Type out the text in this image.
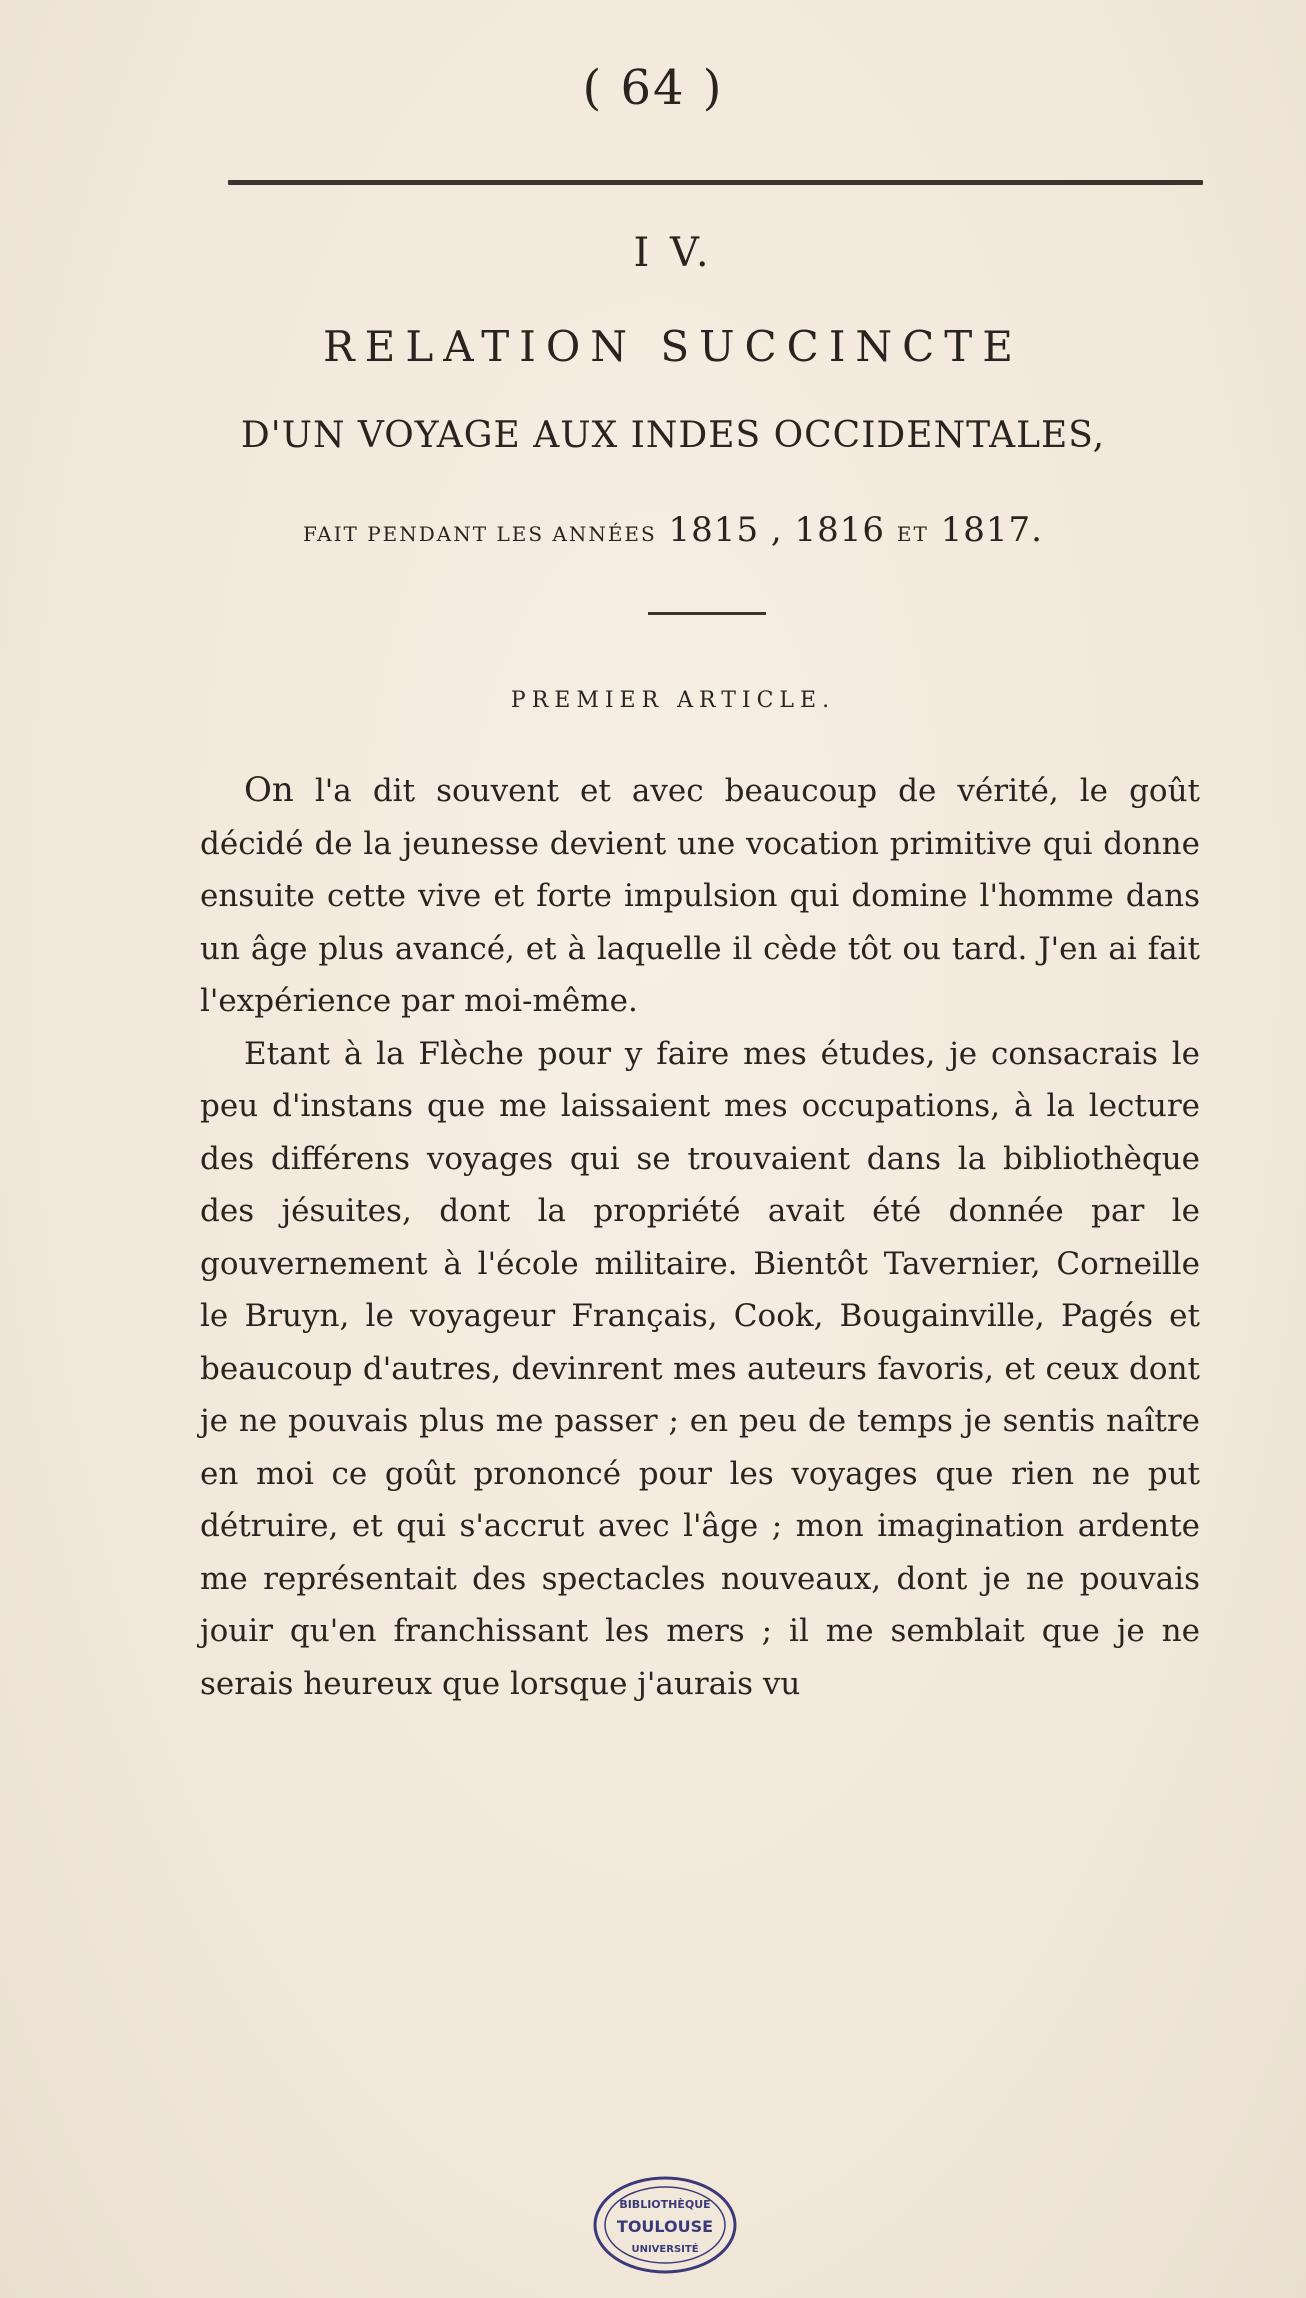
( 64 )
I V.
RELATION SUCCINCTE
D'UN VOYAGE AUX INDES OCCIDENTALES,
FAIT PENDANT LES ANNÉES 1815 , 1816 ET 1817.
PREMIER ARTICLE.

On l'a dit souvent et avec beaucoup de vérité, le goût décidé de la jeunesse devient une vocation primitive qui donne ensuite cette vive et forte impulsion qui domine l'homme dans un âge plus avancé, et à laquelle il cède tôt ou tard. J'en ai fait l'expérience par moi-même.

Etant à la Flèche pour y faire mes études, je consacrais le peu d'instans que me laissaient mes occupations, à la lecture des différens voyages qui se trouvaient dans la bibliothèque des jésuites, dont la propriété avait été donnée par le gouvernement à l'école militaire. Bientôt Tavernier, Corneille le Bruyn, le voyageur Français, Cook, Bougainville, Pagés et beaucoup d'autres, devinrent mes auteurs favoris, et ceux dont je ne pouvais plus me passer ; en peu de temps je sentis naître en moi ce goût prononcé pour les voyages que rien ne put détruire, et qui s'accrut avec l'âge ; mon imagination ardente me représentait des spectacles nouveaux, dont je ne pouvais jouir qu'en franchissant les mers ; il me semblait que je ne serais heureux que lorsque j'aurais vu

BIBLIOTHÈQUE
TOULOUSE
UNIVERSITÉ
